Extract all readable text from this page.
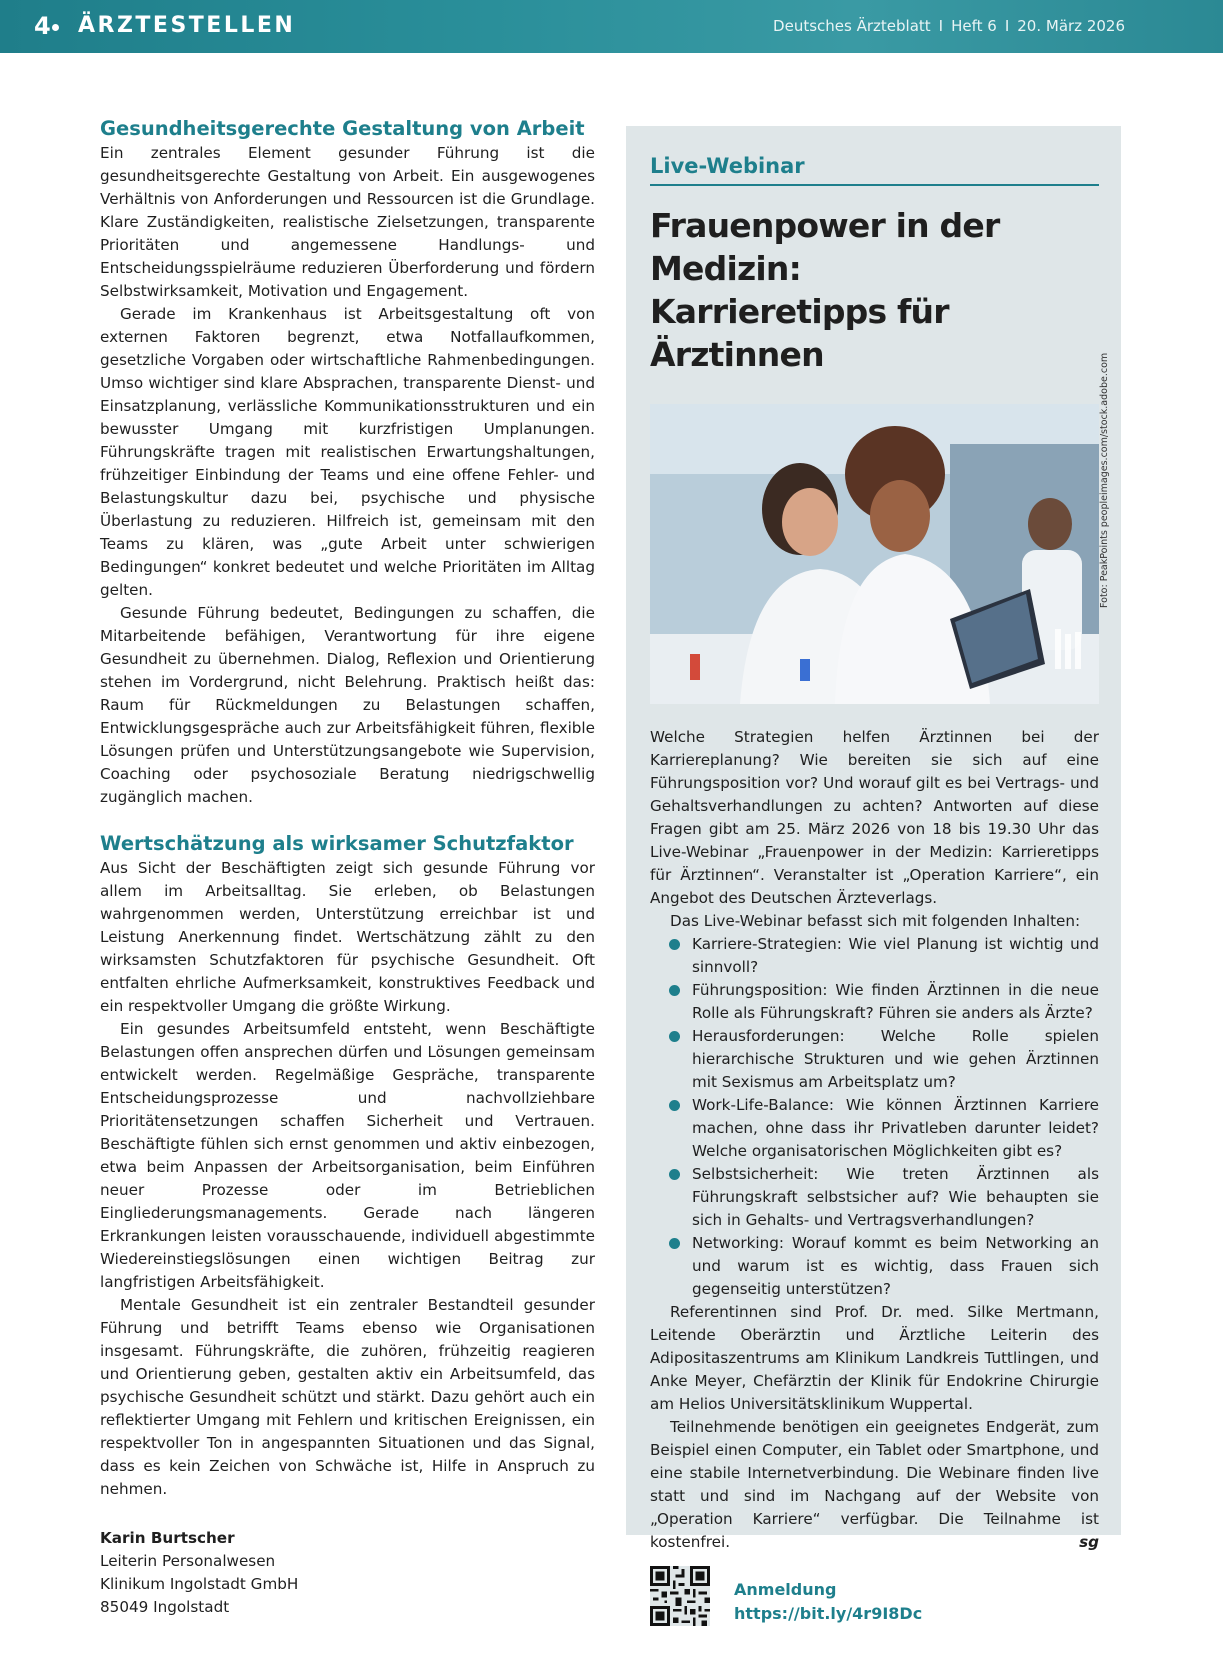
4 ÄRZTESTELLEN	Deutsches Ärzteblatt I Heft 6 I 20. März 2026
Gesundheitsgerechte Gestaltung von Arbeit

Ein zentrales Element gesunder Führung ist die gesundheitsgerechte Gestaltung von Arbeit. Ein ausgewogenes Verhältnis von Anforderungen und Ressourcen ist die Grundlage. Klare Zuständigkeiten, realistische Zielsetzungen, transparente Prioritäten und angemessene Handlungs- und Entscheidungsspielräume reduzieren Überforderung und fördern Selbstwirksamkeit, Motivation und Engagement.

Gerade im Krankenhaus ist Arbeitsgestaltung oft von externen Faktoren begrenzt, etwa Notfallaufkommen, gesetzliche Vorgaben oder wirtschaftliche Rahmenbedingungen. Umso wichtiger sind klare Absprachen, transparente Dienst- und Einsatzplanung, verlässliche Kommunikationsstrukturen und ein bewusster Umgang mit kurzfristigen Umplanungen. Führungskräfte tragen mit realistischen Erwartungshaltungen, frühzeitiger Einbindung der Teams und eine offene Fehler- und Belastungskultur dazu bei, psychische und physische Überlastung zu reduzieren. Hilfreich ist, gemeinsam mit den Teams zu klären, was „gute Arbeit unter schwierigen Bedingungen“ konkret bedeutet und welche Prioritäten im Alltag gelten.

Gesunde Führung bedeutet, Bedingungen zu schaffen, die Mitarbeitende befähigen, Verantwortung für ihre eigene Gesundheit zu übernehmen. Dialog, Reflexion und Orientierung stehen im Vordergrund, nicht Belehrung. Praktisch heißt das: Raum für Rückmeldungen zu Belastungen schaffen, Entwicklungsgespräche auch zur Arbeitsfähigkeit führen, flexible Lösungen prüfen und Unterstützungsangebote wie Supervision, Coaching oder psychosoziale Beratung niedrigschwellig zugänglich machen.

Wertschätzung als wirksamer Schutzfaktor

Aus Sicht der Beschäftigten zeigt sich gesunde Führung vor allem im Arbeitsalltag. Sie erleben, ob Belastungen wahrgenommen werden, Unterstützung erreichbar ist und Leistung Anerkennung findet. Wertschätzung zählt zu den wirksamsten Schutzfaktoren für psychische Gesundheit. Oft entfalten ehrliche Aufmerksamkeit, konstruktives Feedback und ein respektvoller Umgang die größte Wirkung.

Ein gesundes Arbeitsumfeld entsteht, wenn Beschäftigte Belastungen offen ansprechen dürfen und Lösungen gemeinsam entwickelt werden. Regelmäßige Gespräche, transparente Entscheidungsprozesse und nachvollziehbare Prioritätensetzungen schaffen Sicherheit und Vertrauen. Beschäftigte fühlen sich ernst genommen und aktiv einbezogen, etwa beim Anpassen der Arbeitsorganisation, beim Einführen neuer Prozesse oder im Betrieblichen Eingliederungsmanagements. Gerade nach längeren Erkrankungen leisten vorausschauende, individuell abgestimmte Wiedereinstiegslösungen einen wichtigen Beitrag zur langfristigen Arbeitsfähigkeit.

Mentale Gesundheit ist ein zentraler Bestandteil gesunder Führung und betrifft Teams ebenso wie Organisationen insgesamt. Führungskräfte, die zuhören, frühzeitig reagieren und Orientierung geben, gestalten aktiv ein Arbeitsumfeld, das psychische Gesundheit schützt und stärkt. Dazu gehört auch ein reflektierter Umgang mit Fehlern und kritischen Ereignissen, ein respektvoller Ton in angespannten Situationen und das Signal, dass es kein Zeichen von Schwäche ist, Hilfe in Anspruch zu nehmen.

Karin Burtscher
Leiterin Personalwesen
Klinikum Ingolstadt GmbH
85049 Ingolstadt
Live-Webinar
Frauenpower in der Medizin:
Karrieretipps für Ärztinnen

Welche Strategien helfen Ärztinnen bei der Karriereplanung? Wie bereiten sie sich auf eine Führungsposition vor? Und worauf gilt es bei Vertrags- und Gehaltsverhandlungen zu achten? Antworten auf diese Fragen gibt am 25. März 2026 von 18 bis 19.30 Uhr das Live-Webinar „Frauenpower in der Medizin: Karrieretipps für Ärztinnen“. Veranstalter ist „Operation Karriere“, ein Angebot des Deutschen Ärzteverlags.

Das Live-Webinar befasst sich mit folgenden Inhalten:

Karriere-Strategien: Wie viel Planung ist wichtig und sinnvoll?
Führungsposition: Wie finden Ärztinnen in die neue Rolle als Führungskraft? Führen sie anders als Ärzte?
Herausforderungen: Welche Rolle spielen hierarchische Strukturen und wie gehen Ärztinnen mit Sexismus am Arbeitsplatz um?
Work-Life-Balance: Wie können Ärztinnen Karriere machen, ohne dass ihr Privatleben darunter leidet? Welche organisatorischen Möglichkeiten gibt es?
Selbstsicherheit: Wie treten Ärztinnen als Führungskraft selbstsicher auf? Wie behaupten sie sich in Gehalts- und Vertragsverhandlungen?
Networking: Worauf kommt es beim Networking an und warum ist es wichtig, dass Frauen sich gegenseitig unterstützen?

Referentinnen sind Prof. Dr. med. Silke Mertmann, Leitende Oberärztin und Ärztliche Leiterin des Adipositaszentrums am Klinikum Landkreis Tuttlingen, und Anke Meyer, Chefärztin der Klinik für Endokrine Chirurgie am Helios Universitätsklinikum Wuppertal.

Teilnehmende benötigen ein geeignetes Endgerät, zum Beispiel einen Computer, ein Tablet oder Smartphone, und eine stabile Internetverbindung. Die Webinare finden live statt und sind im Nachgang auf der Website von „Operation Karriere“ verfügbar. Die Teilnahme ist kostenfrei.	sg

Anmeldung
https://bit.ly/4r9I8Dc
Foto: PeakPoints peopleimages.com/stock.adobe.com
